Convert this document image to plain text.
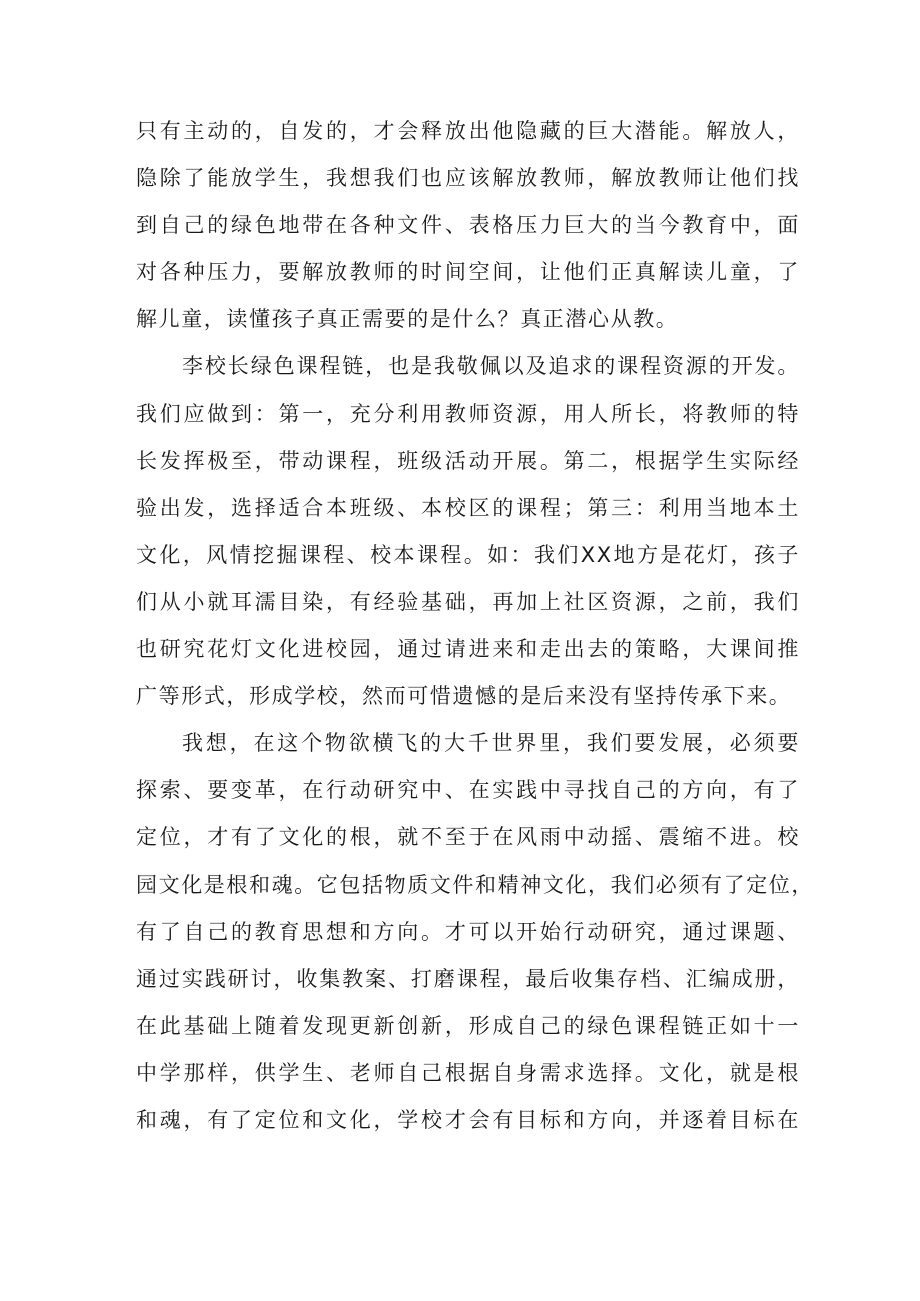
只有主动的，自发的，才会释放出他隐藏的巨大潜能。解放人，
隐除了能放学生，我想我们也应该解放教师，解放教师让他们找
到自己的绿色地带在各种文件、表格压力巨大的当今教育中，面
对各种压力，要解放教师的时间空间，让他们正真解读儿童，了
解儿童，读懂孩子真正需要的是什么？真正潜心从教。
李校长绿色课程链，也是我敬佩以及追求的课程资源的开发。
我们应做到：第一，充分利用教师资源，用人所长，将教师的特
长发挥极至，带动课程，班级活动开展。第二，根据学生实际经
验出发，选择适合本班级、本校区的课程；第三：利用当地本土
文化，风情挖掘课程、校本课程。如：我们XX地方是花灯，孩子
们从小就耳濡目染，有经验基础，再加上社区资源，之前，我们
也研究花灯文化进校园，通过请进来和走出去的策略，大课间推
广等形式，形成学校，然而可惜遗憾的是后来没有坚持传承下来。
我想，在这个物欲横飞的大千世界里，我们要发展，必须要
探索、要变革，在行动研究中、在实践中寻找自己的方向，有了
定位，才有了文化的根，就不至于在风雨中动摇、震缩不进。校
园文化是根和魂。它包括物质文件和精神文化，我们必须有了定位，
有了自己的教育思想和方向。才可以开始行动研究，通过课题、
通过实践研讨，收集教案、打磨课程，最后收集存档、汇编成册，
在此基础上随着发现更新创新，形成自己的绿色课程链正如十一
中学那样，供学生、老师自己根据自身需求选择。文化，就是根
和魂，有了定位和文化，学校才会有目标和方向，并逐着目标在
